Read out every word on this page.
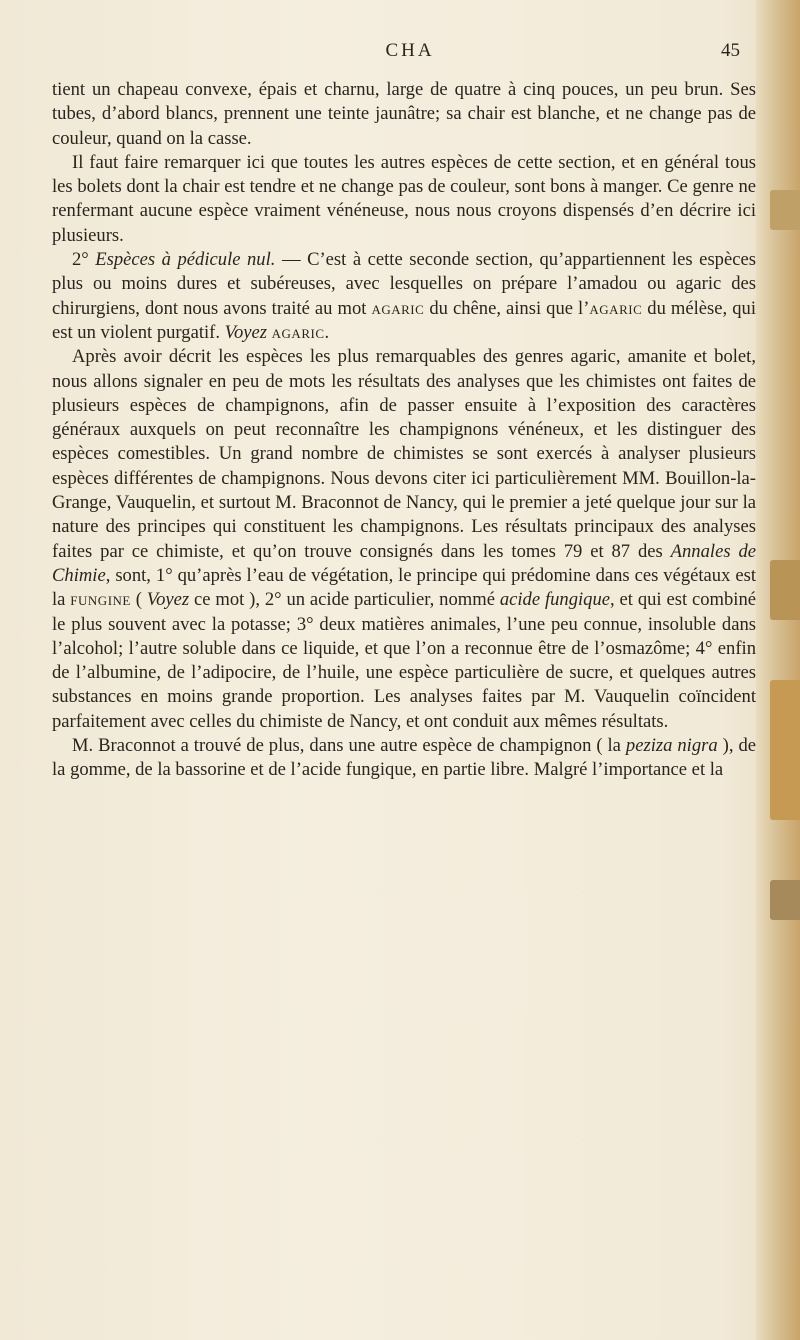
CHA	45

tient un chapeau convexe, épais et charnu, large de quatre à cinq pouces, un peu brun. Ses tubes, d’abord blancs, prennent une teinte jaunâtre; sa chair est blanche, et ne change pas de couleur, quand on la casse.

Il faut faire remarquer ici que toutes les autres espèces de cette section, et en général tous les bolets dont la chair est tendre et ne change pas de couleur, sont bons à manger. Ce genre ne renfermant aucune espèce vraiment vénéneuse, nous nous croyons dispensés d’en décrire ici plusieurs.

2° Espèces à pédicule nul. — C’est à cette seconde section, qu’appartiennent les espèces plus ou moins dures et subéreuses, avec lesquelles on prépare l’amadou ou agaric des chirurgiens, dont nous avons traité au mot agaric du chêne, ainsi que l’agaric du mélèse, qui est un violent purgatif. Voyez agaric.

Après avoir décrit les espèces les plus remarquables des genres agaric, amanite et bolet, nous allons signaler en peu de mots les résultats des analyses que les chimistes ont faites de plusieurs espèces de champignons, afin de passer ensuite à l’exposition des caractères généraux auxquels on peut reconnaître les champignons vénéneux, et les distinguer des espèces comestibles. Un grand nombre de chimistes se sont exercés à analyser plusieurs espèces différentes de champignons. Nous devons citer ici particulièrement MM. Bouillon-la-Grange, Vauquelin, et surtout M. Braconnot de Nancy, qui le premier a jeté quelque jour sur la nature des principes qui constituent les champignons. Les résultats principaux des analyses faites par ce chimiste, et qu’on trouve consignés dans les tomes 79 et 87 des Annales de Chimie, sont, 1° qu’après l’eau de végétation, le principe qui prédomine dans ces végétaux est la fungine ( Voyez ce mot ), 2° un acide particulier, nommé acide fungique, et qui est combiné le plus souvent avec la potasse; 3° deux matières animales, l’une peu connue, insoluble dans l’alcohol; l’autre soluble dans ce liquide, et que l’on a reconnue être de l’osmazôme; 4° enfin de l’albumine, de l’adipocire, de l’huile, une espèce particulière de sucre, et quelques autres substances en moins grande proportion. Les analyses faites par M. Vauquelin coïncident parfaitement avec celles du chimiste de Nancy, et ont conduit aux mêmes résultats.

M. Braconnot a trouvé de plus, dans une autre espèce de champignon ( la peziza nigra ), de la gomme, de la bassorine et de l’acide fungique, en partie libre. Malgré l’importance et la
